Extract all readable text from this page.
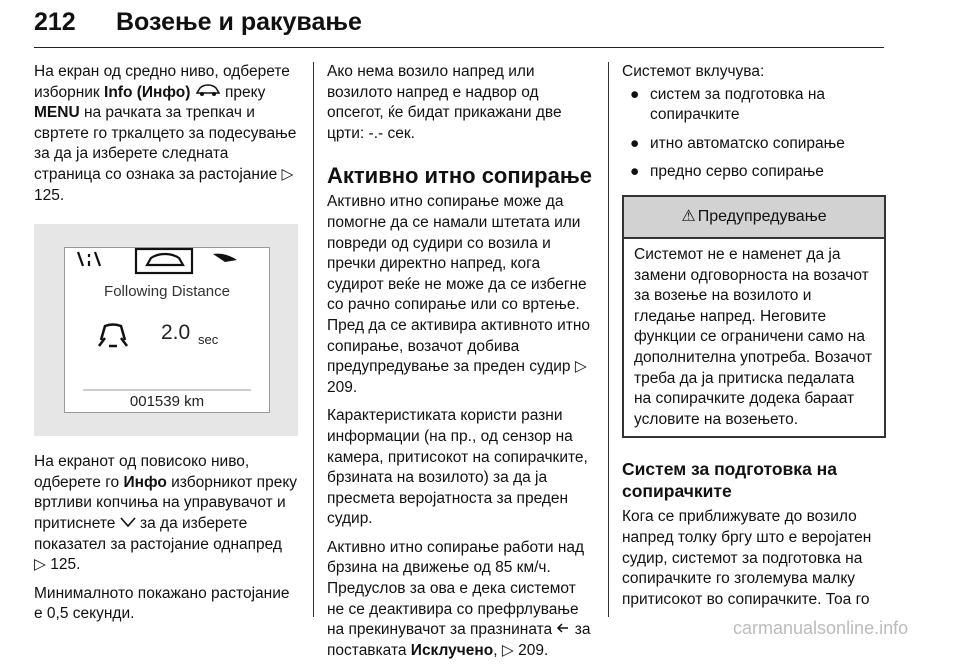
212 Возење и ракување

На екран од средно ниво, одберете изборник Info (Инфо)  преку MENU на рачката за трепкач и свртете го тркалцето за подесување за да ја изберете следната страница со ознака за растојание ▷ 125.

Following Distance
2.0 sec
001539 km

На екранот од повисоко ниво, одберете го Инфо изборникот преку вртливи копчиња на управувачот и притиснете  за да изберете показател за растојание однапред ▷ 125.

Минималното покажано растојание е 0,5 секунди.

Ако нема возило напред или возилото напред е надвор од опсегот, ќе бидат прикажани две црти: -.- сек.

Активно итно сопирање

Активно итно сопирање може да помогне да се намали штетата или повреди од судири со возила и пречки директно напред, кога судирот веќе не може да се избегне со рачно сопирање или со вртење. Пред да се активира активното итно сопирање, возачот добива предупредување за преден судир ▷ 209.

Карактеристиката користи разни информации (на пр., од сензор на камера, притисокот на сопирачките, брзината на возилото) за да ја пресмета веројатноста за преден судир.

Активно итно сопирање работи над брзина на движење од 85 км/ч. Предуслов за ова е дека системот не се деактивира со префрлување на прекинувачот за празнината  за поставката Исклучено, ▷ 209.

Системот вклучува:

● систем за подготовка на сопирачките
● итно автоматско сопирање
● предно серво сопирање
⚠ Предупредување
Системот не е наменет да ја замени одговорноста на возачот за возење на возилото и гледање напред. Неговите функции се ограничени само на дополнителна употреба. Возачот треба да ја притиска педалата на сопирачките додека бараат условите на возењето.
Систем за подготовка на сопирачките

Кога се приближувате до возило напред толку бргу што е веројатен судир, системот за подготовка на сопирачките го зголемува малку притисокот во сопирачките. Тоа го

carmanualsonline.info
